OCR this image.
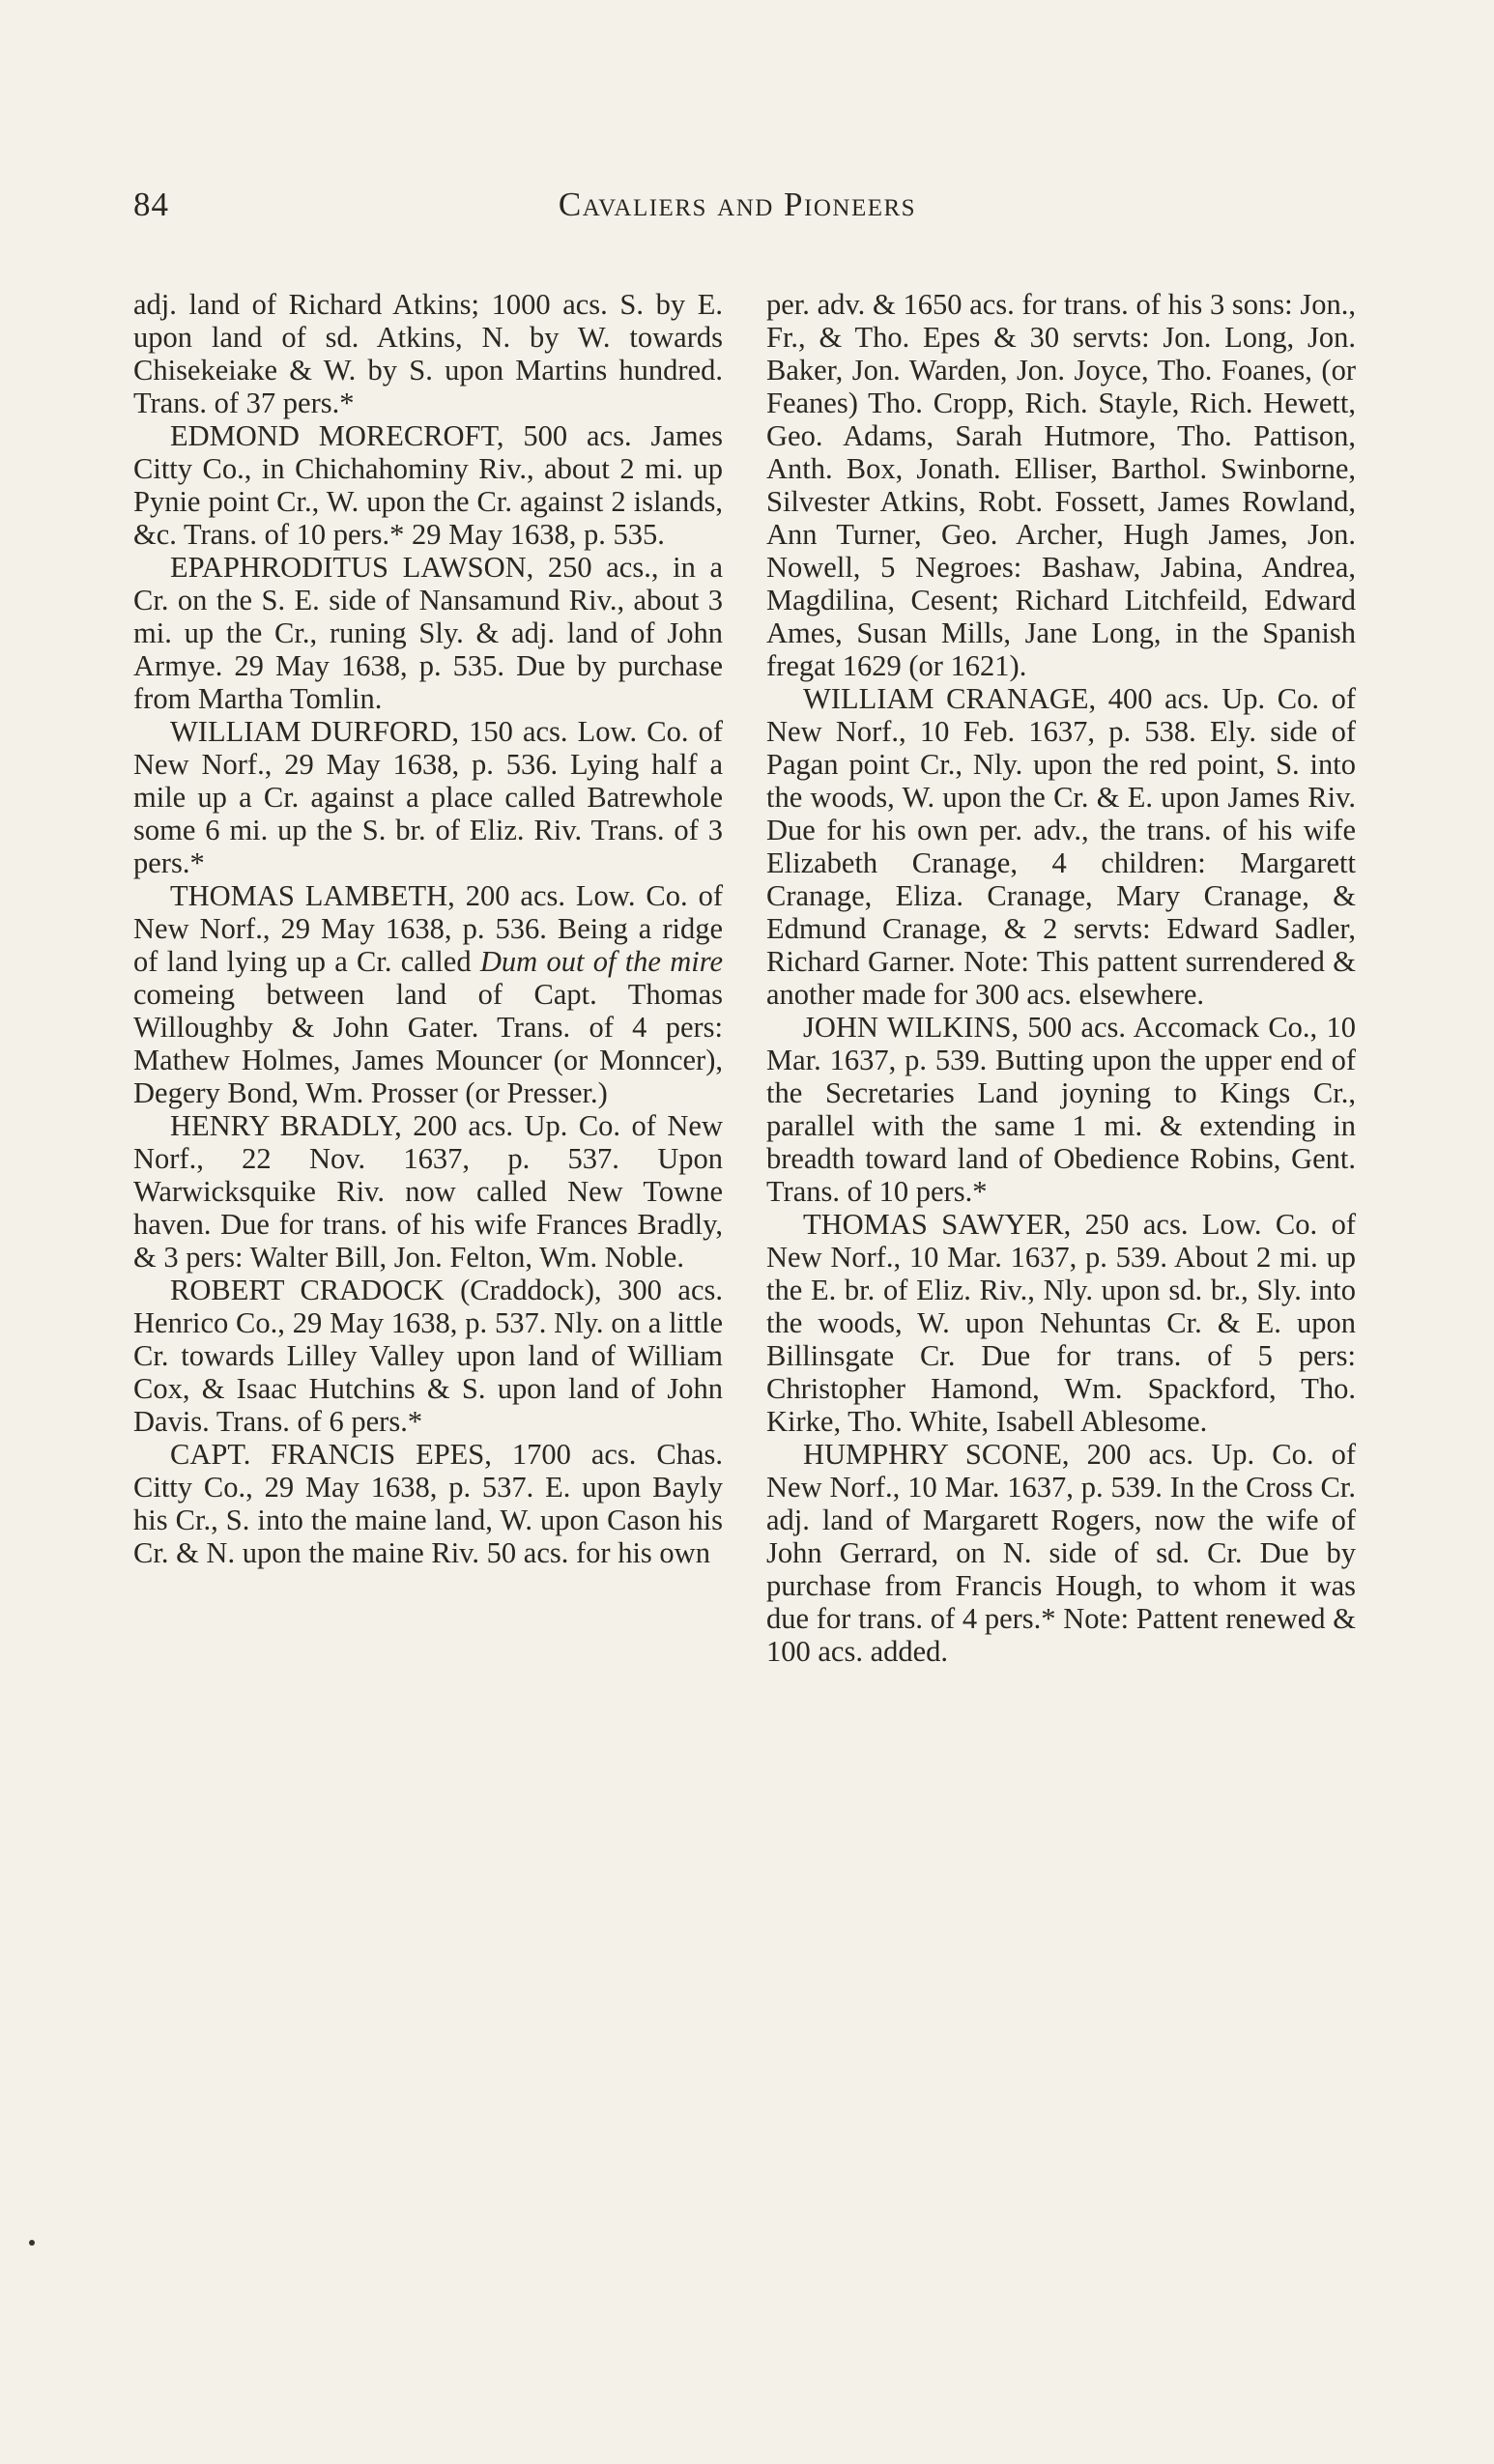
84	Cavaliers and Pioneers

adj. land of Richard Atkins; 1000 acs. S. by E. upon land of sd. Atkins, N. by W. towards Chisekeiake & W. by S. upon Martins hundred. Trans. of 37 pers.*

EDMOND MORECROFT, 500 acs. James Citty Co., in Chichahominy Riv., about 2 mi. up Pynie point Cr., W. upon the Cr. against 2 islands, &c. Trans. of 10 pers.* 29 May 1638, p. 535.

EPAPHRODITUS LAWSON, 250 acs., in a Cr. on the S. E. side of Nansamund Riv., about 3 mi. up the Cr., runing Sly. & adj. land of John Armye. 29 May 1638, p. 535. Due by purchase from Martha Tomlin.

WILLIAM DURFORD, 150 acs. Low. Co. of New Norf., 29 May 1638, p. 536. Lying half a mile up a Cr. against a place called Batrewhole some 6 mi. up the S. br. of Eliz. Riv. Trans. of 3 pers.*

THOMAS LAMBETH, 200 acs. Low. Co. of New Norf., 29 May 1638, p. 536. Being a ridge of land lying up a Cr. called Dum out of the mire comeing between land of Capt. Thomas Willoughby & John Gater. Trans. of 4 pers: Mathew Holmes, James Mouncer (or Monncer), Degery Bond, Wm. Prosser (or Presser.)

HENRY BRADLY, 200 acs. Up. Co. of New Norf., 22 Nov. 1637, p. 537. Upon Warwicksquike Riv. now called New Towne haven. Due for trans. of his wife Frances Bradly, & 3 pers: Walter Bill, Jon. Felton, Wm. Noble.

ROBERT CRADOCK (Craddock), 300 acs. Henrico Co., 29 May 1638, p. 537. Nly. on a little Cr. towards Lilley Valley upon land of William Cox, & Isaac Hutchins & S. upon land of John Davis. Trans. of 6 pers.*

CAPT. FRANCIS EPES, 1700 acs. Chas. Citty Co., 29 May 1638, p. 537. E. upon Bayly his Cr., S. into the maine land, W. upon Cason his Cr. & N. upon the maine Riv. 50 acs. for his own

per. adv. & 1650 acs. for trans. of his 3 sons: Jon., Fr., & Tho. Epes & 30 servts: Jon. Long, Jon. Baker, Jon. Warden, Jon. Joyce, Tho. Foanes, (or Feanes) Tho. Cropp, Rich. Stayle, Rich. Hewett, Geo. Adams, Sarah Hutmore, Tho. Pattison, Anth. Box, Jonath. Elliser, Barthol. Swinborne, Silvester Atkins, Robt. Fossett, James Rowland, Ann Turner, Geo. Archer, Hugh James, Jon. Nowell, 5 Negroes: Bashaw, Jabina, Andrea, Magdilina, Cesent; Richard Litchfeild, Edward Ames, Susan Mills, Jane Long, in the Spanish fregat 1629 (or 1621).

WILLIAM CRANAGE, 400 acs. Up. Co. of New Norf., 10 Feb. 1637, p. 538. Ely. side of Pagan point Cr., Nly. upon the red point, S. into the woods, W. upon the Cr. & E. upon James Riv. Due for his own per. adv., the trans. of his wife Elizabeth Cranage, 4 children: Margarett Cranage, Eliza. Cranage, Mary Cranage, & Edmund Cranage, & 2 servts: Edward Sadler, Richard Garner. Note: This pattent surrendered & another made for 300 acs. elsewhere.

JOHN WILKINS, 500 acs. Accomack Co., 10 Mar. 1637, p. 539. Butting upon the upper end of the Secretaries Land joyning to Kings Cr., parallel with the same 1 mi. & extending in breadth toward land of Obedience Robins, Gent. Trans. of 10 pers.*

THOMAS SAWYER, 250 acs. Low. Co. of New Norf., 10 Mar. 1637, p. 539. About 2 mi. up the E. br. of Eliz. Riv., Nly. upon sd. br., Sly. into the woods, W. upon Nehuntas Cr. & E. upon Billinsgate Cr. Due for trans. of 5 pers: Christopher Hamond, Wm. Spackford, Tho. Kirke, Tho. White, Isabell Ablesome.

HUMPHRY SCONE, 200 acs. Up. Co. of New Norf., 10 Mar. 1637, p. 539. In the Cross Cr. adj. land of Margarett Rogers, now the wife of John Gerrard, on N. side of sd. Cr. Due by purchase from Francis Hough, to whom it was due for trans. of 4 pers.* Note: Pattent renewed & 100 acs. added.
